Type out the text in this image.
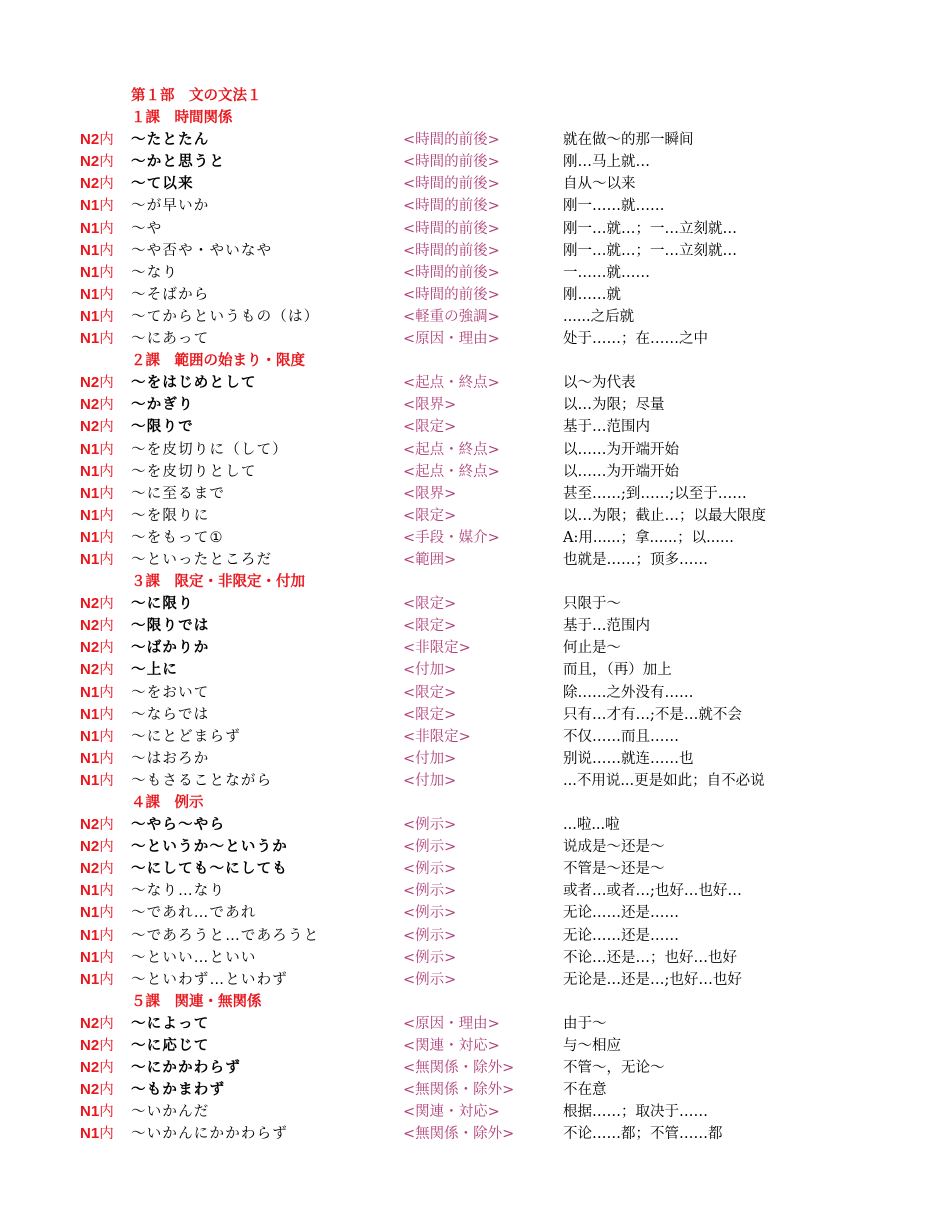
第１部　文の文法１
１課　時間関係
N2内 ～たとたん	<時間的前後>	就在做～的那一瞬间
N2内 ～かと思うと	<時間的前後>	刚…马上就…
N2内 ～て以来	<時間的前後>	自从～以来
N1内 ～が早いか	<時間的前後>	刚一……就……
N1内 ～や	<時間的前後>	刚一…就…；一…立刻就…
N1内 ～や否や・やいなや	<時間的前後>	刚一…就…；一…立刻就…
N1内 ～なり	<時間的前後>	一……就……
N1内 ～そばから	<時間的前後>	刚……就
N1内 ～てからというもの（は）	<軽重の強調>	......之后就
N1内 ～にあって	<原因・理由>	处于……；在……之中
２課　範囲の始まり・限度
N2内 ～をはじめとして	<起点・終点>	以～为代表
N2内 ～かぎり	<限界>	以…为限；尽量
N2内 ～限りで	<限定>	基于…范围内
N1内 ～を皮切りに（して）	<起点・終点>	以……为开端开始
N1内 ～を皮切りとして	<起点・終点>	以……为开端开始
N1内 ～に至るまで	<限界>	甚至……;到……;以至于……
N1内 ～を限りに	<限定>	以…为限；截止…；以最大限度
N1内 ～をもって①	<手段・媒介>	A:用......；拿......；以......
N1内 ～といったところだ	<範囲>	也就是……；顶多……
３課　限定・非限定・付加
N2内 ～に限り	<限定>	只限于～
N2内 ～限りでは	<限定>	基于…范围内
N2内 ～ばかりか	<非限定>	何止是～
N2内 ～上に	<付加>	而且，（再）加上
N1内 ～をおいて	<限定>	除……之外没有……
N1内 ～ならでは	<限定>	只有…才有…;不是…就不会
N1内 ～にとどまらず	<非限定>	不仅……而且……
N1内 ～はおろか	<付加>	别说……就连……也
N1内 ～もさることながら	<付加>	...不用说...更是如此；自不必说
４課　例示
N2内 ～やら～やら	<例示>	...啦...啦
N2内 ～というか～というか	<例示>	说成是～还是～
N2内 ～にしても～にしても	<例示>	不管是～还是～
N1内 ～なり…なり	<例示>	或者…或者…;也好…也好…
N1内 ～であれ…であれ	<例示>	无论……还是……
N1内 ～であろうと…であろうと	<例示>	无论……还是……
N1内 ～といい…といい	<例示>	不论…还是…；也好…也好
N1内 ～といわず…といわず	<例示>	无论是…还是…;也好…也好
５課　関連・無関係
N2内 ～によって	<原因・理由>	由于～
N2内 ～に応じて	<関連・対応>	与～相应
N2内 ～にかかわらず	<無関係・除外>	不管～，无论～
N2内 ～もかまわず	<無関係・除外>	不在意
N1内 ～いかんだ	<関連・対応>	根据……；取决于……
N1内 ～いかんにかかわらず	<無関係・除外>	不论……都；不管……都
